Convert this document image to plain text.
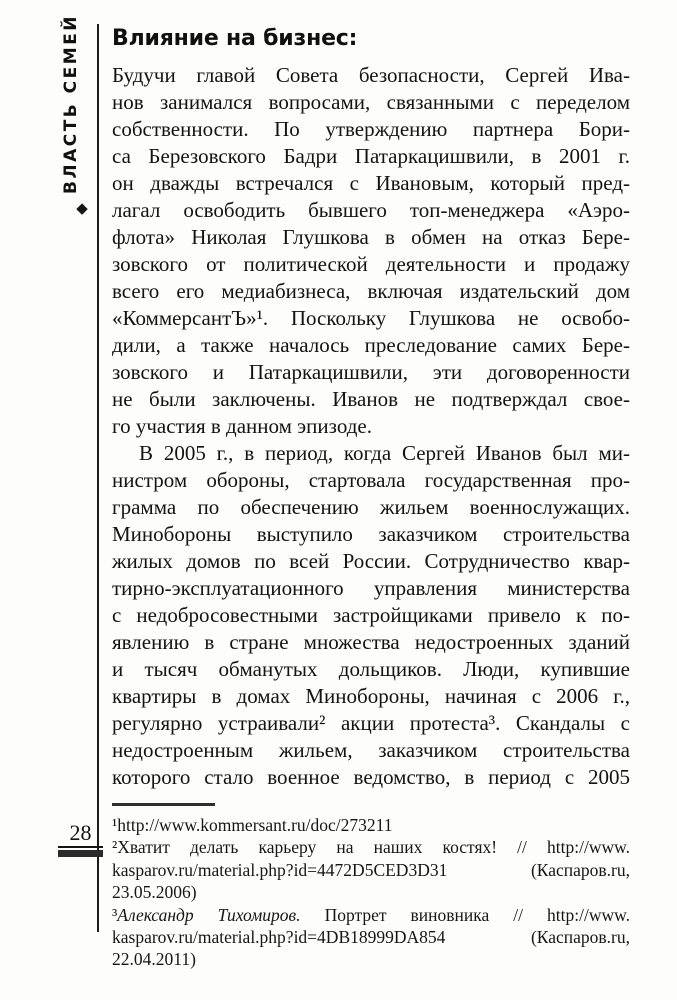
ВЛАСТЬ СЕМЕЙ
◆
28
Влияние на бизнес:
Будучи главой Совета безопасности, Сергей Ива-
нов занимался вопросами, связанными с переделом
собственности. По утверждению партнера Бори-
са Березовского Бадри Патаркацишвили, в 2001 г.
он дважды встречался с Ивановым, который пред-
лагал освободить бывшего топ-менеджера «Аэро-
флота» Николая Глушкова в обмен на отказ Бере-
зовского от политической деятельности и продажу
всего его медиабизнеса, включая издательский дом
«КоммерсантЪ»¹. Поскольку Глушкова не освобо-
дили, а также началось преследование самих Бере-
зовского и Патаркацишвили, эти договоренности
не были заключены. Иванов не подтверждал свое-
го участия в данном эпизоде.
В 2005 г., в период, когда Сергей Иванов был ми-
нистром обороны, стартовала государственная про-
грамма по обеспечению жильем военнослужащих.
Минобороны выступило заказчиком строительства
жилых домов по всей России. Сотрудничество квар-
тирно-эксплуатационного управления министерства
с недобросовестными застройщиками привело к по-
явлению в стране множества недостроенных зданий
и тысяч обманутых дольщиков. Люди, купившие
квартиры в домах Минобороны, начиная с 2006 г.,
регулярно устраивали² акции протеста³. Скандалы с
недостроенным жильем, заказчиком строительства
которого стало военное ведомство, в период с 2005
¹http://www.kommersant.ru/doc/273211
²Хватит делать карьеру на наших костях! // http://www.
kasparov.ru/material.php?id=4472D5CED3D31 (Каспаров.ru,
23.05.2006)
³Александр Тихомиров. Портрет виновника // http://www.
kasparov.ru/material.php?id=4DB18999DA854 (Каспаров.ru,
22.04.2011)
